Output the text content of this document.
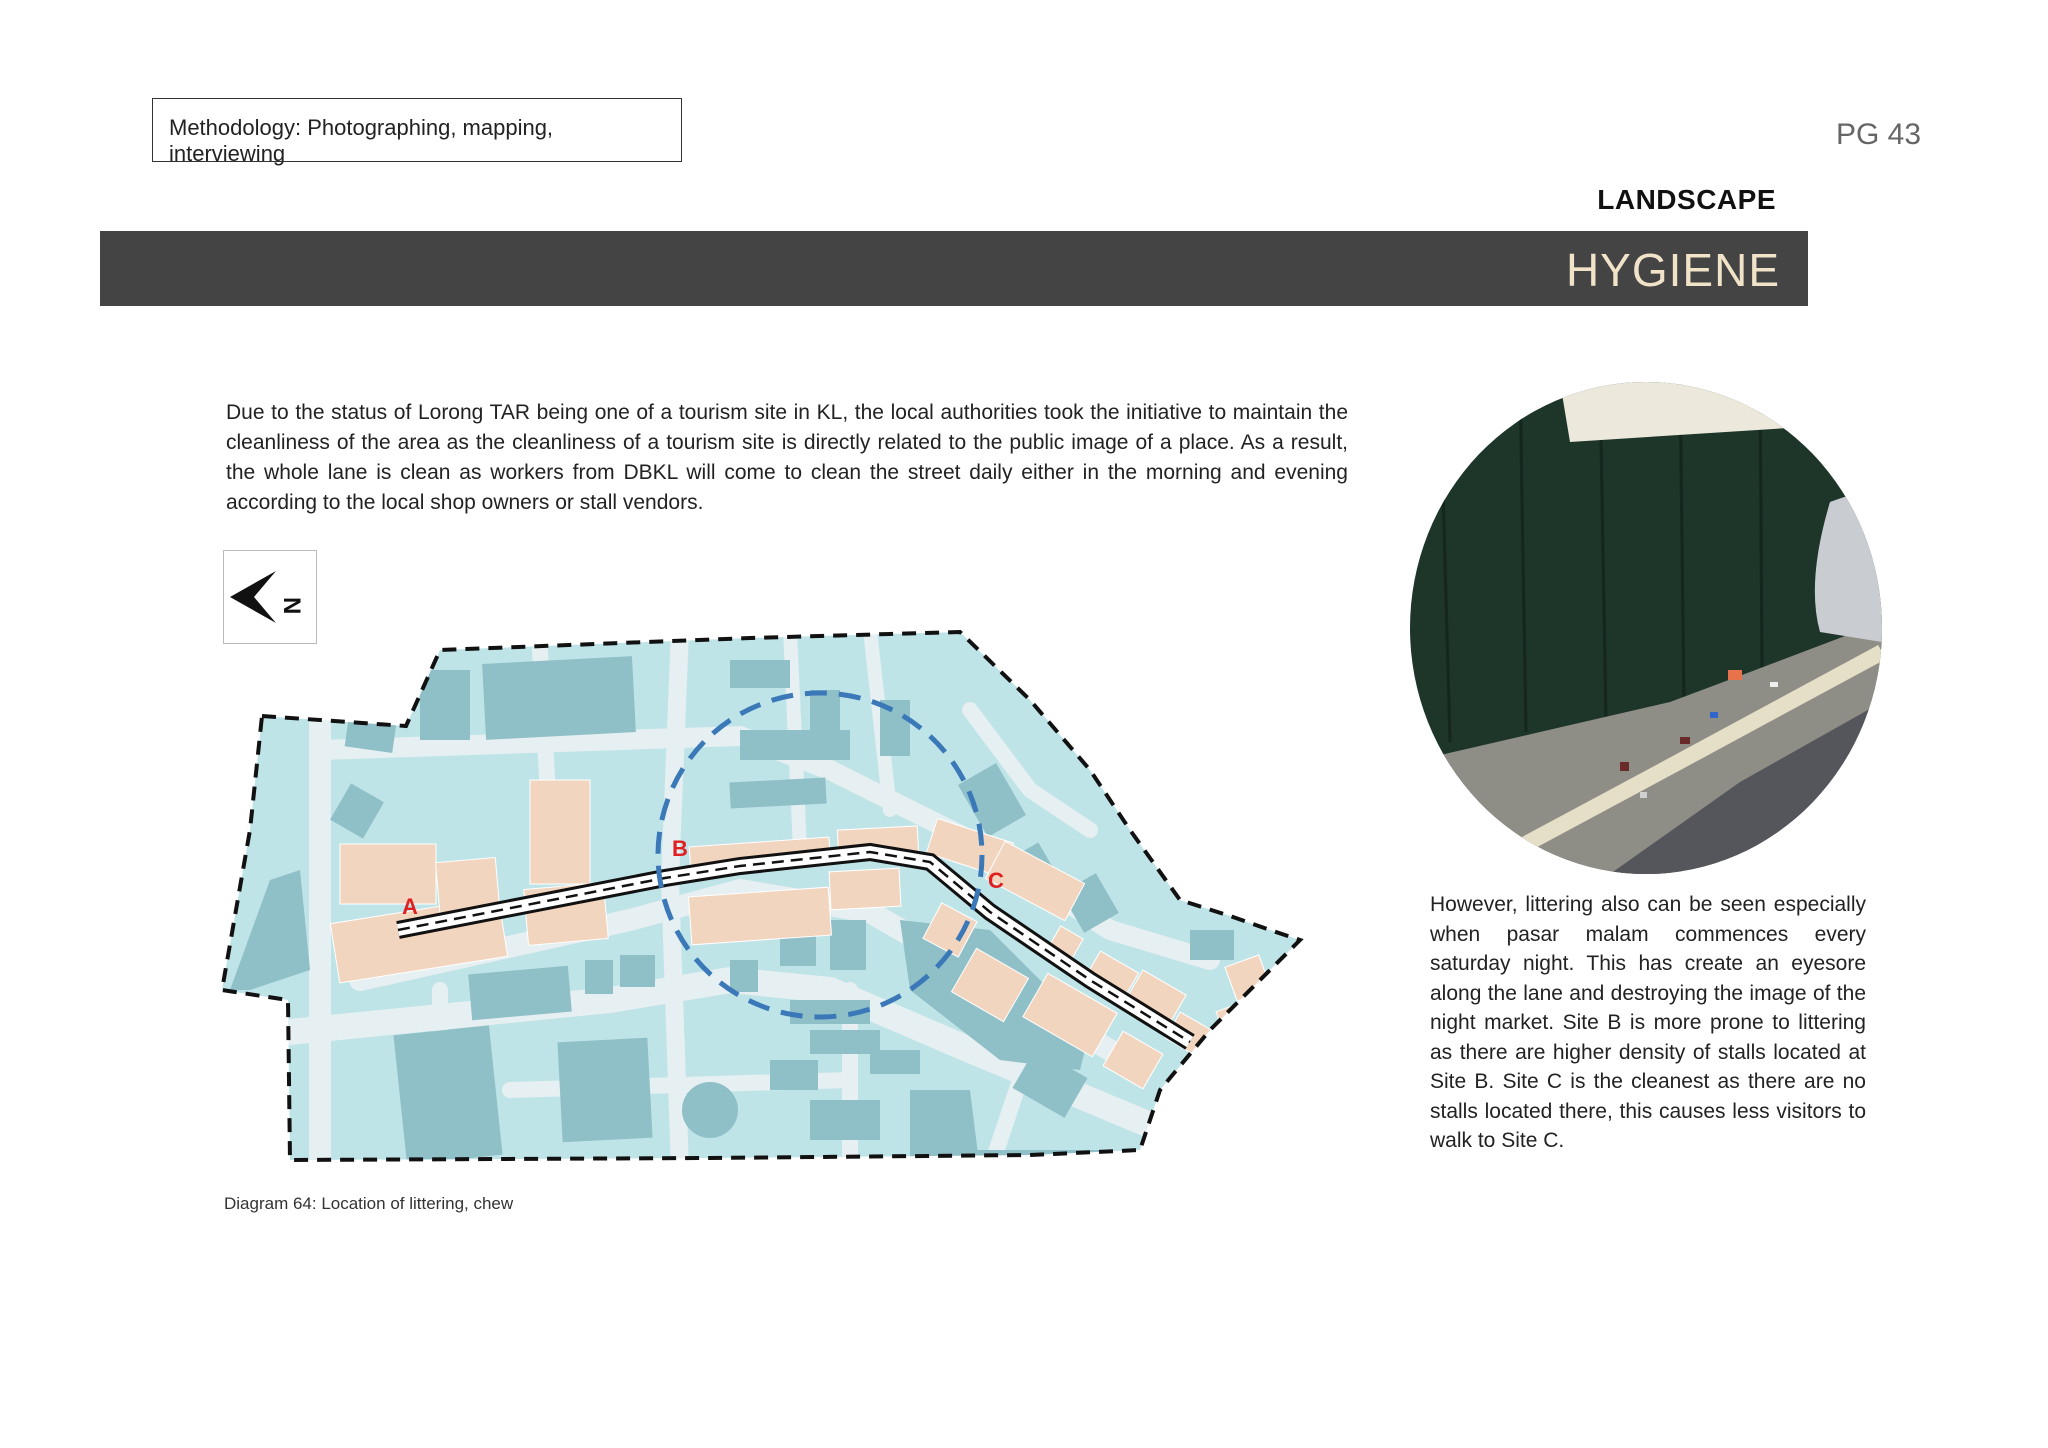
Methodology: Photographing, mapping, interviewing
PG 43
LANDSCAPE
HYGIENE
Due to the status of Lorong TAR being one of a tourism site in KL, the local authorities took the initiative to maintain the cleanliness of the area as the cleanliness of a tourism site is directly related to the public image of a place. As a result, the whole lane is clean as workers from DBKL will come to clean the street daily either in the morning and evening according to the local shop owners or stall vendors.
N
A
B
C
Diagram 64: Location of littering, chew
However, littering also can be seen especially when pasar malam commences every saturday night. This has create an eyesore along the lane and destroying the image of the night market. Site B is more prone to littering as there are higher density of stalls located at Site B. Site C is the cleanest as there are no stalls located there, this causes less visitors to walk to Site C.
